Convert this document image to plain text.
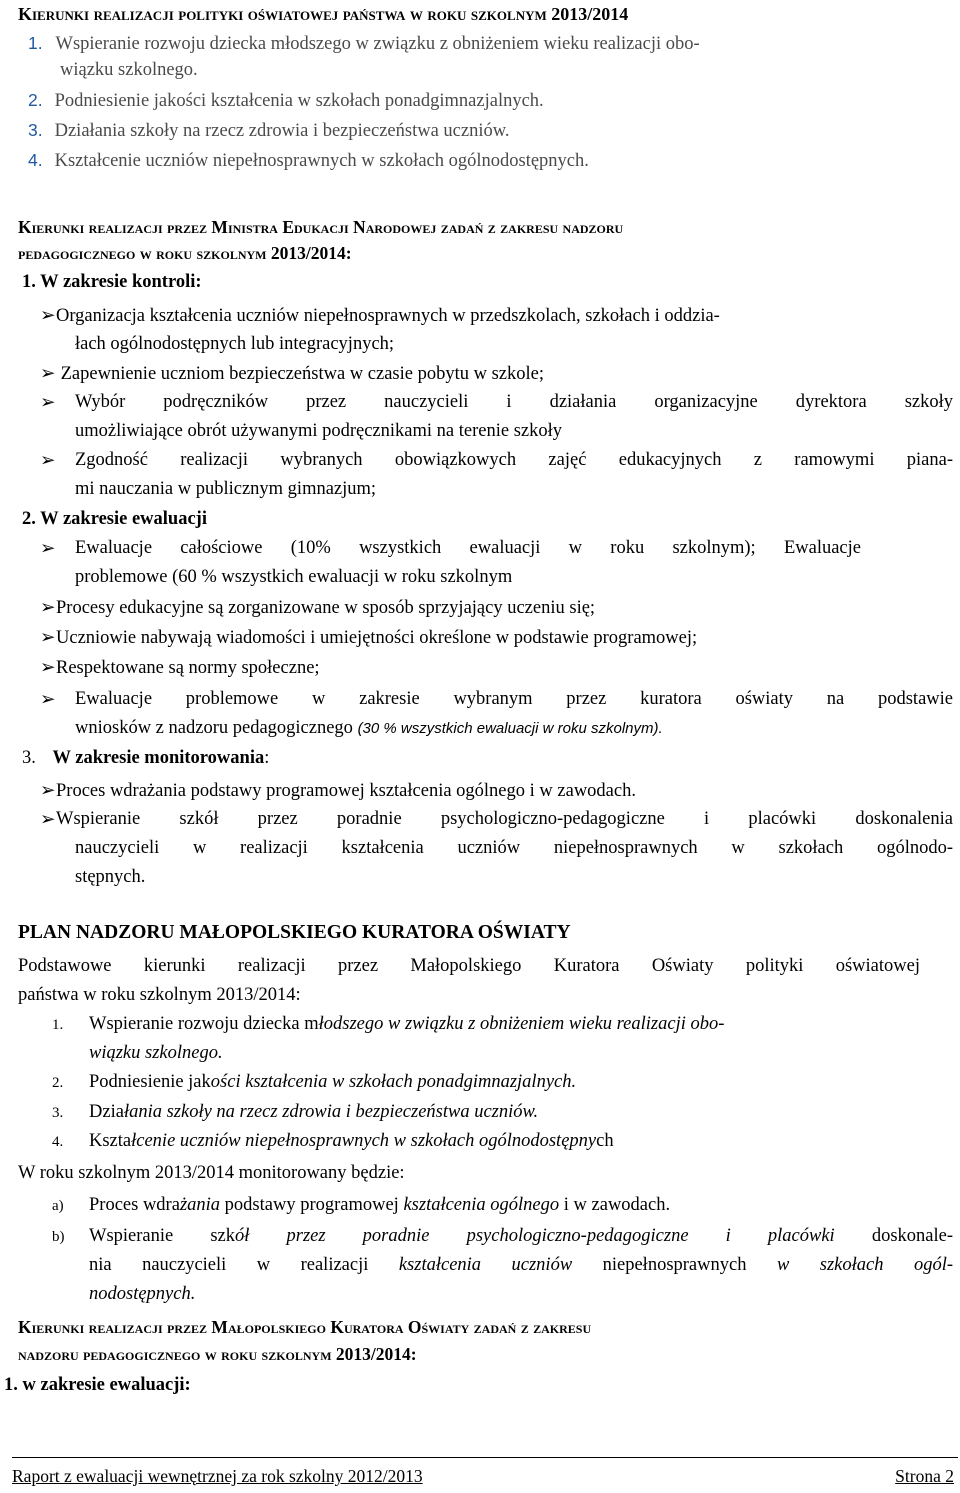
Kierunki realizacji polityki oświatowej państwa w roku szkolnym 2013/2014
1. Wspieranie rozwoju dziecka młodszego w związku z obniżeniem wieku realizacji obo-
wiązku szkolnego.
2. Podniesienie jakości kształcenia w szkołach ponadgimnazjalnych.
3. Działania szkoły na rzecz zdrowia i bezpieczeństwa uczniów.
4. Kształcenie uczniów niepełnosprawnych w szkołach ogólnodostępnych.
Kierunki realizacji przez Ministra Edukacji Narodowej zadań z zakresu nadzoru
pedagogicznego w roku szkolnym 2013/2014:
1. W zakresie kontroli:
➢Organizacja kształcenia uczniów niepełnosprawnych w przedszkolach, szkołach i oddzia-
łach ogólnodostępnych lub integracyjnych;
➢ Zapewnienie uczniom bezpieczeństwa w czasie pobytu w szkole;
➢ Wybór podręczników przez nauczycieli i działania organizacyjne dyrektora szkoły
umożliwiające obrót używanymi podręcznikami na terenie szkoły
➢ Zgodność realizacji wybranych obowiązkowych zajęć edukacyjnych z ramowymi piana-
mi nauczania w publicznym gimnazjum;
2. W zakresie ewaluacji
➢ Ewaluacje całościowe (10% wszystkich ewaluacji w roku szkolnym); Ewaluacje
problemowe (60 % wszystkich ewaluacji w roku szkolnym
➢Procesy edukacyjne są zorganizowane w sposób sprzyjający uczeniu się;
➢Uczniowie nabywają wiadomości i umiejętności określone w podstawie programowej;
➢Respektowane są normy społeczne;
➢ Ewaluacje problemowe w zakresie wybranym przez kuratora oświaty na podstawie
wniosków z nadzoru pedagogicznego (30 % wszystkich ewaluacji w roku szkolnym).
3. W zakresie monitorowania:
➢Proces wdrażania podstawy programowej kształcenia ogólnego i w zawodach.
➢ Wspieranie szkół przez poradnie psychologiczno-pedagogiczne i placówki doskonalenia
nauczycieli w realizacji kształcenia uczniów niepełnosprawnych w szkołach ogólnodo-
stępnych.
PLAN NADZORU MAŁOPOLSKIEGO KURATORA OŚWIATY
Podstawowe kierunki realizacji przez Małopolskiego Kuratora Oświaty polityki oświatowej
państwa w roku szkolnym 2013/2014:
1. Wspieranie rozwoju dziecka młodszego w związku z obniżeniem wieku realizacji obo-
wiązku szkolnego.
2. Podniesienie jakości kształcenia w szkołach ponadgimnazjalnych.
3. Działania szkoły na rzecz zdrowia i bezpieczeństwa uczniów.
4. Kształcenie uczniów niepełnosprawnych w szkołach ogólnodostępnych
W roku szkolnym 2013/2014 monitorowany będzie:
a) Proces wdrażania podstawy programowej kształcenia ogólnego i w zawodach.
b) Wspieranie szkół przez poradnie psychologiczno-pedagogiczne i placówki doskonale-
nia nauczycieli w realizacji kształcenia uczniów niepełnosprawnych w szkołach ogól-
nodostępnych.
Kierunki realizacji przez Małopolskiego Kuratora Oświaty zadań z zakresu
nadzoru pedagogicznego w roku szkolnym 2013/2014:
1. w zakresie ewaluacji:
Raport z ewaluacji wewnętrznej za rok szkolny 2012/2013	Strona 2
